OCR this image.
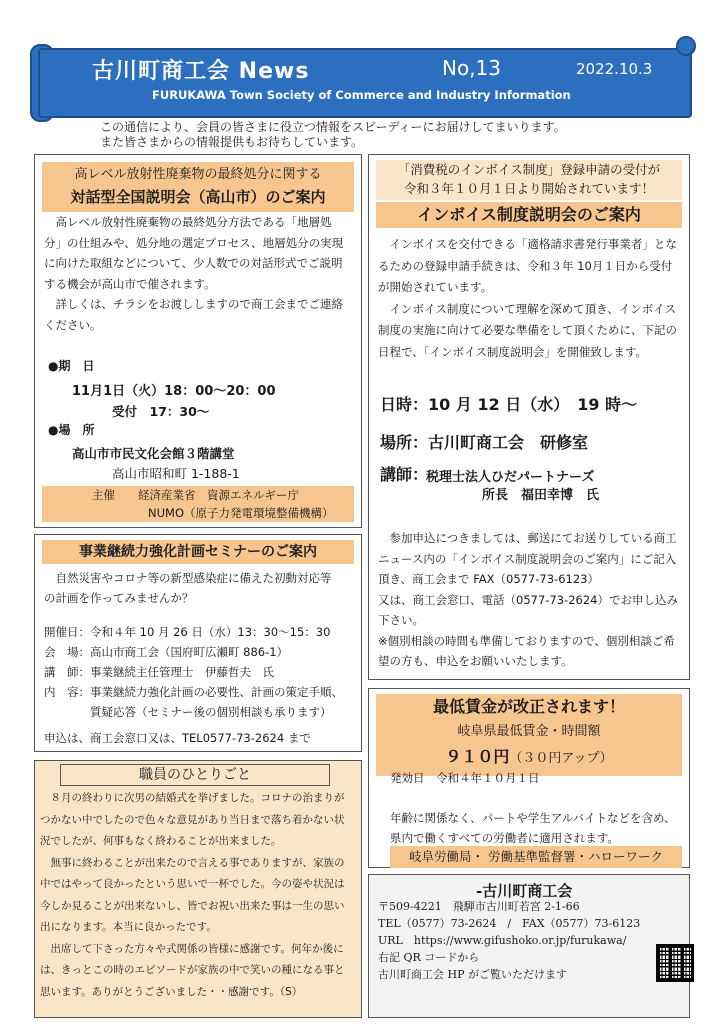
古川町商工会 News	No,13	2022.10.3
FURUKAWA Town Society of Commerce and Industry Information
この通信により、会員の皆さまに役立つ情報をスピーディーにお届けしてまいります。
また皆さまからの情報提供もお待ちしています。
高レベル放射性廃棄物の最終処分に関する
対話型全国説明会（高山市）のご案内
　高レベル放射性廃棄物の最終処分方法である「地層処
分」の仕組みや、処分地の選定プロセス、地層処分の実現
に向けた取組などについて、少人数での対話形式でご説明
する機会が高山市で催されます。
　詳しくは、チラシをお渡ししますので商工会までご連絡
ください。
●期　日
11月1日（火）18：00～20：00
受付　17：30～
●場　所
高山市市民文化会館３階講堂
高山市昭和町 1-188-1
主催　　経済産業省　資源エネルギー庁
NUMO（原子力発電環境整備機構）
事業継続力強化計画セミナーのご案内
　自然災害やコロナ等の新型感染症に備えた初動対応等
の計画を作ってみませんか？
開催日：令和４年 10 月 26 日（水）13：30～15：30
会　場：高山市商工会（国府町広瀬町 886-1）
講　師：事業継続主任管理士　伊藤哲夫　氏
内　容：事業継続力強化計画の必要性、計画の策定手順、
　　　　質疑応答（セミナー後の個別相談も承ります）
申込は、商工会窓口又は、TEL0577-73-2624 まで
職員のひとりごと
　８月の終わりに次男の結婚式を挙げました。コロナの治まりが
つかない中でしたので色々な意見があり当日まで落ち着かない状
況でしたが、何事もなく終わることが出来ました。
　無事に終わることが出来たので言える事でありますが、家族の
中ではやって良かったという思いで一杯でした。今の姿や状況は
今しか見ることが出来ないし、皆でお祝い出来た事は一生の思い
出になります。本当に良かったです。
　出席して下さった方々や式関係の皆様に感謝です。何年か後に
は、きっとこの時のエピソードが家族の中で笑いの種になる事と
思います。ありがとうございました・・感謝です。（S）
「消費税のインボイス制度」登録申請の受付が
令和３年１０月１日より開始されています！
インボイス制度説明会のご案内
　インボイスを交付できる「適格請求書発行事業者」とな
るための登録申請手続きは、令和３年 10月１日から受付
が開始されています。
　インボイス制度について理解を深めて頂き、インボイス
制度の実施に向けて必要な準備をして頂くために、下記の
日程で、「インボイス制度説明会」を開催致します。
日時：10 月 12 日（水）　19 時～
場所：古川町商工会　研修室
講師：
税理士法人ひだパートナーズ
所長　福田幸博　氏
　参加申込につきましては、郵送にてお送りしている商工
ニュース内の「インボイス制度説明会のご案内」にご記入
頂き、商工会まで FAX（0577-73-6123）
又は、商工会窓口、電話（0577-73-2624）でお申し込み
下さい。
※個別相談の時間も準備しておりますので、個別相談ご希
望の方も、申込をお願いいたします。
最低賃金が改正されます！
岐阜県最低賃金・時間額
９１０円（３０円アップ）
発効日　令和４年１０月１日
年齢に関係なく、パートや学生アルバイトなどを含め、
県内で働くすべての労働者に適用されます。
岐阜労働局・ 労働基準監督署・ハローワーク
-古川町商工会
〒509-4221　飛騨市古川町若宮 2-1-66
TEL（0577）73-2624　/　FAX（0577）73-6123
URL　https://www.gifushoko.or.jp/furukawa/
右記 QR コードから
古川町商工会 HP がご覧いただけます
